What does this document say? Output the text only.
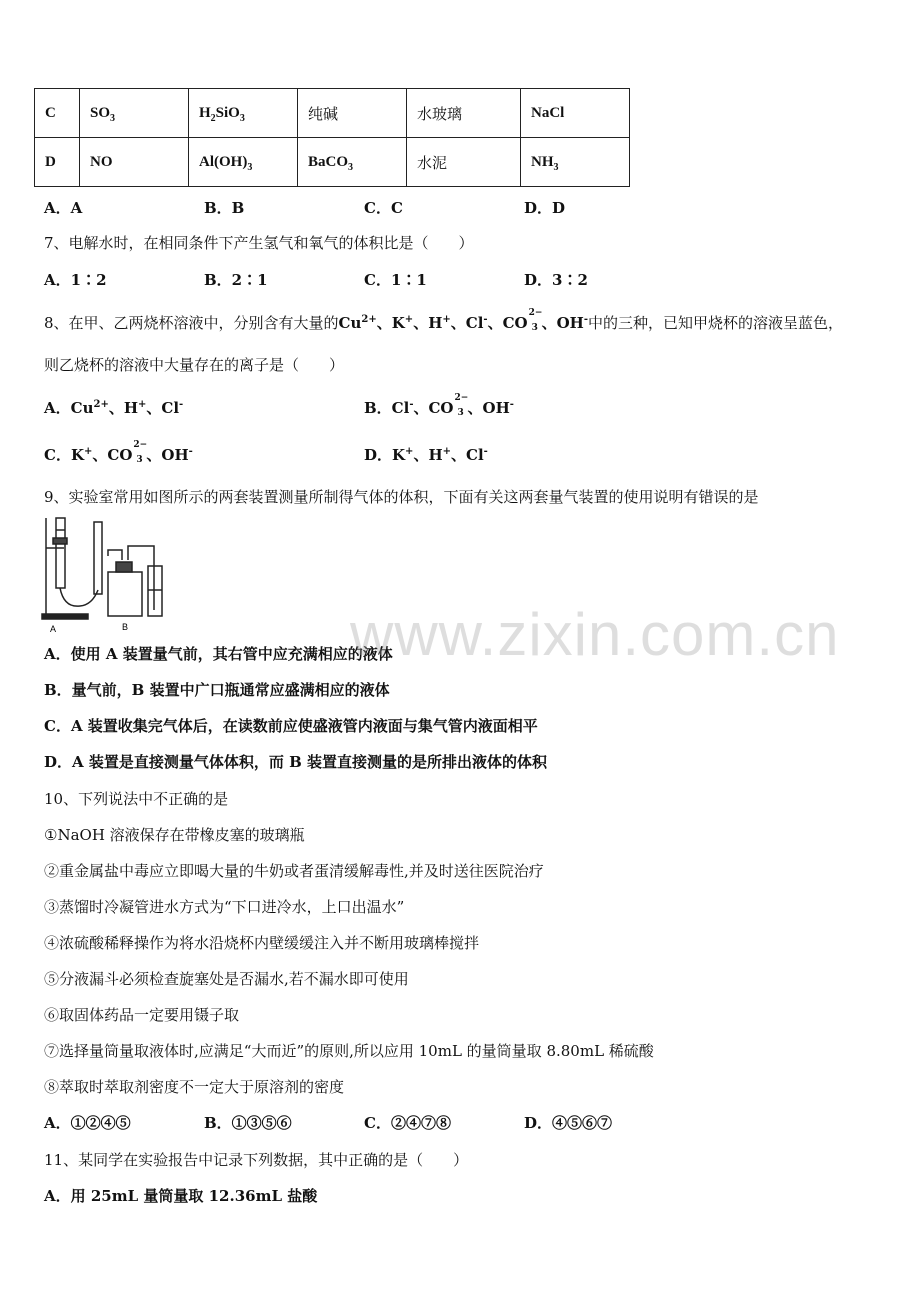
C	$SO_3$	$H_2SiO_3$	纯碱	水玻璃	NaCl
D	NO	$Al(OH)_3$	BaCO$_3$	水泥	$NH_3$
A．A	B．B	C．C	D．D
7、电解水时，在相同条件下产生氢气和氧气的体积比是（　　）
A．1∶2	B．2∶1	C．1∶1	D．3∶2
8、在甲、乙两烧杯溶液中，分别含有大量的$Cu^{2+}$、K+、H+、Cl-、CO
2−
3 、OH-中的三种，已知甲烧杯的溶液呈蓝色，
则乙烧杯的溶液中大量存在的离子是（　　）
A．$Cu^{2+}$、H+、Cl-	B．Cl-、CO
2−
3 、OH-
C．K+、CO
2−
3 、OH-	D．K+、H+、Cl-
9、实验室常用如图所示的两套装置测量所制得气体的体积，下面有关这两套量气装置的使用说明有错误的是
A	B
A．使用 A 装置量气前，其右管中应充满相应的液体
B．量气前，B 装置中广口瓶通常应盛满相应的液体
C．A 装置收集完气体后，在读数前应使盛液管内液面与集气管内液面相平
D．A 装置是直接测量气体体积，而 B 装置直接测量的是所排出液体的体积
10、下列说法中不正确的是
①NaOH 溶液保存在带橡皮塞的玻璃瓶
②重金属盐中毒应立即喝大量的牛奶或者蛋清缓解毒性,并及时送往医院治疗
③蒸馏时冷凝管进水方式为“下口进冷水，上口出温水”
④浓硫酸稀释操作为将水沿烧杯内壁缓缓注入并不断用玻璃棒搅拌
⑤分液漏斗必须检查旋塞处是否漏水,若不漏水即可使用
⑥取固体药品一定要用镊子取
⑦选择量筒量取液体时,应满足“大而近”的原则,所以应用 10mL 的量筒量取 8.80mL 稀硫酸
⑧萃取时萃取剂密度不一定大于原溶剂的密度
A．①②④⑤	B．①③⑤⑥	C．②④⑦⑧	D．④⑤⑥⑦
11、某同学在实验报告中记录下列数据，其中正确的是（　　）
A．用 25mL 量筒量取 12.36mL 盐酸
www.zixin.com.cn
